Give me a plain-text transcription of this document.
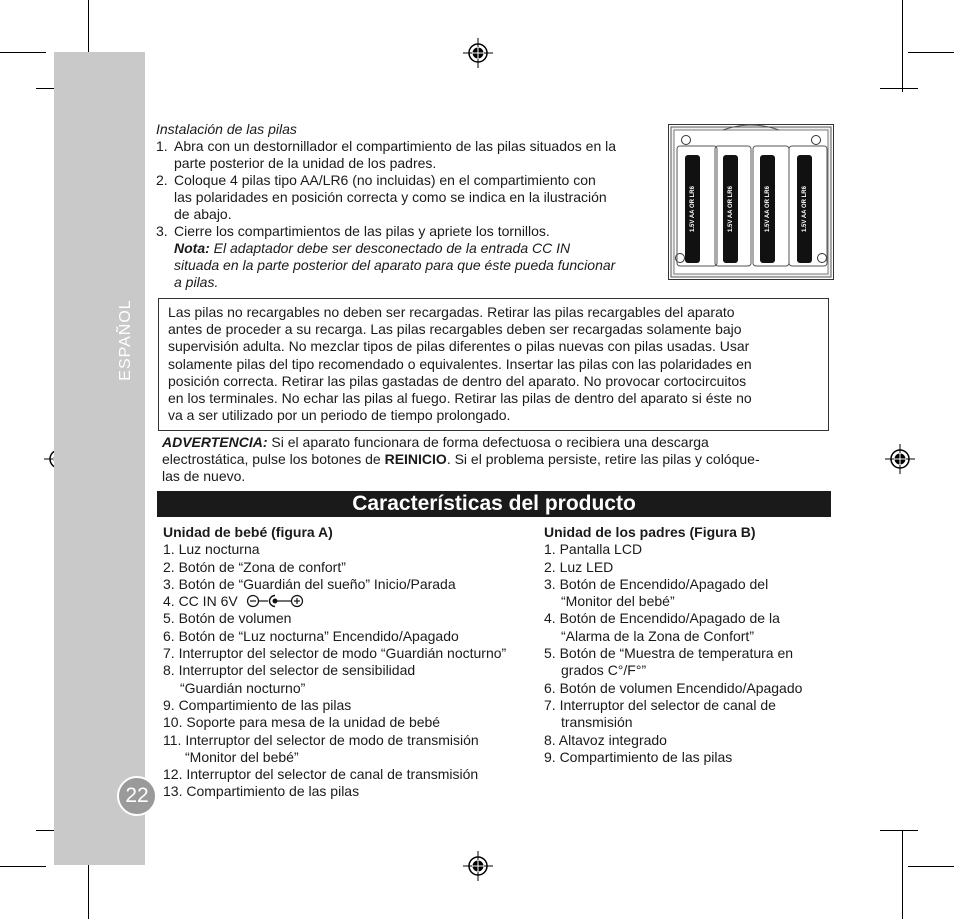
ESPAÑOL
22
Instalación de las pilas
1. Abra con un destornillador el compartimiento de las pilas situados en la
parte posterior de la unidad de los padres.
2. Coloque 4 pilas tipo AA/LR6 (no incluidas) en el compartimiento con
las polaridades en posición correcta y como se indica en la ilustración
de abajo.
3. Cierre los compartimientos de las pilas y apriete los tornillos.
Nota: El adaptador debe ser desconectado de la entrada CC IN
situada en la parte posterior del aparato para que éste pueda funcionar
a pilas.
1.5V AA OR LR6	1.5V AA OR LR6	1.5V AA OR LR6	1.5V AA OR LR6
Las pilas no recargables no deben ser recargadas. Retirar las pilas recargables del aparato
antes de proceder a su recarga. Las pilas recargables deben ser recargadas solamente bajo
supervisión adulta. No mezclar tipos de pilas diferentes o pilas nuevas con pilas usadas. Usar
solamente pilas del tipo recomendado o equivalentes. Insertar las pilas con las polaridades en
posición correcta. Retirar las pilas gastadas de dentro del aparato. No provocar cortocircuitos
en los terminales. No echar las pilas al fuego. Retirar las pilas de dentro del aparato si éste no
va a ser utilizado por un periodo de tiempo prolongado.
ADVERTENCIA: Si el aparato funcionara de forma defectuosa o recibiera una descarga
electrostática, pulse los botones de REINICIO. Si el problema persiste, retire las pilas y colóque-
las de nuevo.
Características del producto
Unidad de bebé (figura A)
1. Luz nocturna
2. Botón de “Zona de confort”
3. Botón de “Guardián del sueño” Inicio/Parada
4. CC IN 6V
5. Botón de volumen
6. Botón de “Luz nocturna” Encendido/Apagado
7. Interruptor del selector de modo “Guardián nocturno”
8. Interruptor del selector de sensibilidad
“Guardián nocturno”
9. Compartimiento de las pilas
10. Soporte para mesa de la unidad de bebé
11. Interruptor del selector de modo de transmisión
“Monitor del bebé”
12. Interruptor del selector de canal de transmisión
13. Compartimiento de las pilas
Unidad de los padres (Figura B)
1. Pantalla LCD
2. Luz LED
3. Botón de Encendido/Apagado del
“Monitor del bebé”
4. Botón de Encendido/Apagado de la
“Alarma de la Zona de Confort”
5. Botón de “Muestra de temperatura en
grados C°/F°”
6. Botón de volumen Encendido/Apagado
7. Interruptor del selector de canal de
transmisión
8. Altavoz integrado
9. Compartimiento de las pilas
